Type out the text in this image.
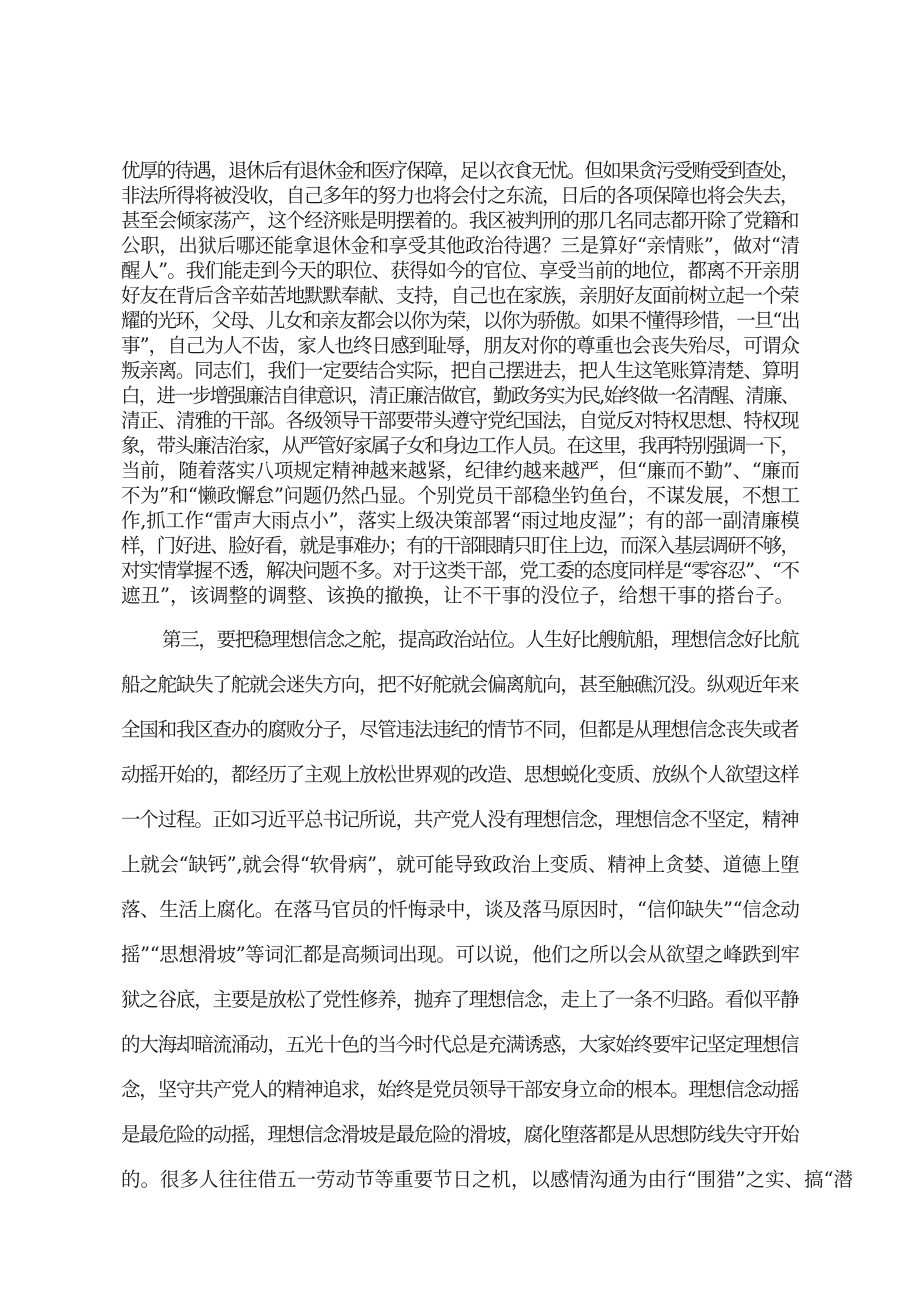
优厚的待遇，退休后有退休金和医疗保障，足以衣食无忧。但如果贪污受贿受到查处，
非法所得将被没收，自己多年的努力也将会付之东流，日后的各项保障也将会失去，
甚至会倾家荡产，这个经济账是明摆着的。我区被判刑的那几名同志都开除了党籍和
公职，出狱后哪还能拿退休金和享受其他政治待遇？三是算好“亲情账”，做对“清
醒人”。我们能走到今天的职位、获得如今的官位、享受当前的地位，都离不开亲朋
好友在背后含辛茹苦地默默奉献、支持，自己也在家族，亲朋好友面前树立起一个荣
耀的光环，父母、儿女和亲友都会以你为荣，以你为骄傲。如果不懂得珍惜，一旦“出
事”，自己为人不齿，家人也终日感到耻辱，朋友对你的尊重也会丧失殆尽，可谓众
叛亲离。同志们，我们一定要结合实际，把自己摆进去，把人生这笔账算清楚、算明
白，进一步增强廉洁自律意识，清正廉洁做官，勤政务实为民,始终做一名清醒、清廉、
清正、清雅的干部。各级领导干部要带头遵守党纪国法，自觉反对特权思想、特权现
象，带头廉洁治家，从严管好家属子女和身边工作人员。在这里，我再特别强调一下，
当前，随着落实八项规定精神越来越紧，纪律约越来越严，但“廉而不勤”、“廉而
不为”和“懒政懈怠”问题仍然凸显。个别党员干部稳坐钓鱼台，不谋发展，不想工
作,抓工作“雷声大雨点小”，落实上级决策部署“雨过地皮湿”；有的部一副清廉模
样，门好进、脸好看，就是事难办；有的干部眼睛只盯住上边，而深入基层调研不够，
对实情掌握不透，解决问题不多。对于这类干部，党工委的态度同样是“零容忍”、“不
遮丑”，该调整的调整、该换的撤换，让不干事的没位子，给想干事的搭台子。
第三，要把稳理想信念之舵，提高政治站位。人生好比艘航船，理想信念好比航
船之舵缺失了舵就会迷失方向，把不好舵就会偏离航向，甚至触礁沉没。纵观近年来
全国和我区查办的腐败分子，尽管违法违纪的情节不同，但都是从理想信念丧失或者
动摇开始的，都经历了主观上放松世界观的改造、思想蜕化变质、放纵个人欲望这样
一个过程。正如习近平总书记所说，共产党人没有理想信念，理想信念不坚定，精神
上就会“缺钙”,就会得“软骨病”，就可能导致政治上变质、精神上贪婪、道德上堕
落、生活上腐化。在落马官员的忏悔录中，谈及落马原因时，“信仰缺失”“信念动
摇”“思想滑坡”等词汇都是高频词出现。可以说，他们之所以会从欲望之峰跌到牢
狱之谷底，主要是放松了党性修养，抛弃了理想信念，走上了一条不归路。看似平静
的大海却暗流涌动，五光十色的当今时代总是充满诱惑，大家始终要牢记坚定理想信
念，坚守共产党人的精神追求，始终是党员领导干部安身立命的根本。理想信念动摇
是最危险的动摇，理想信念滑坡是最危险的滑坡，腐化堕落都是从思想防线失守开始
的。很多人往往借五一劳动节等重要节日之机，以感情沟通为由行“围猎”之实、搞“潜
